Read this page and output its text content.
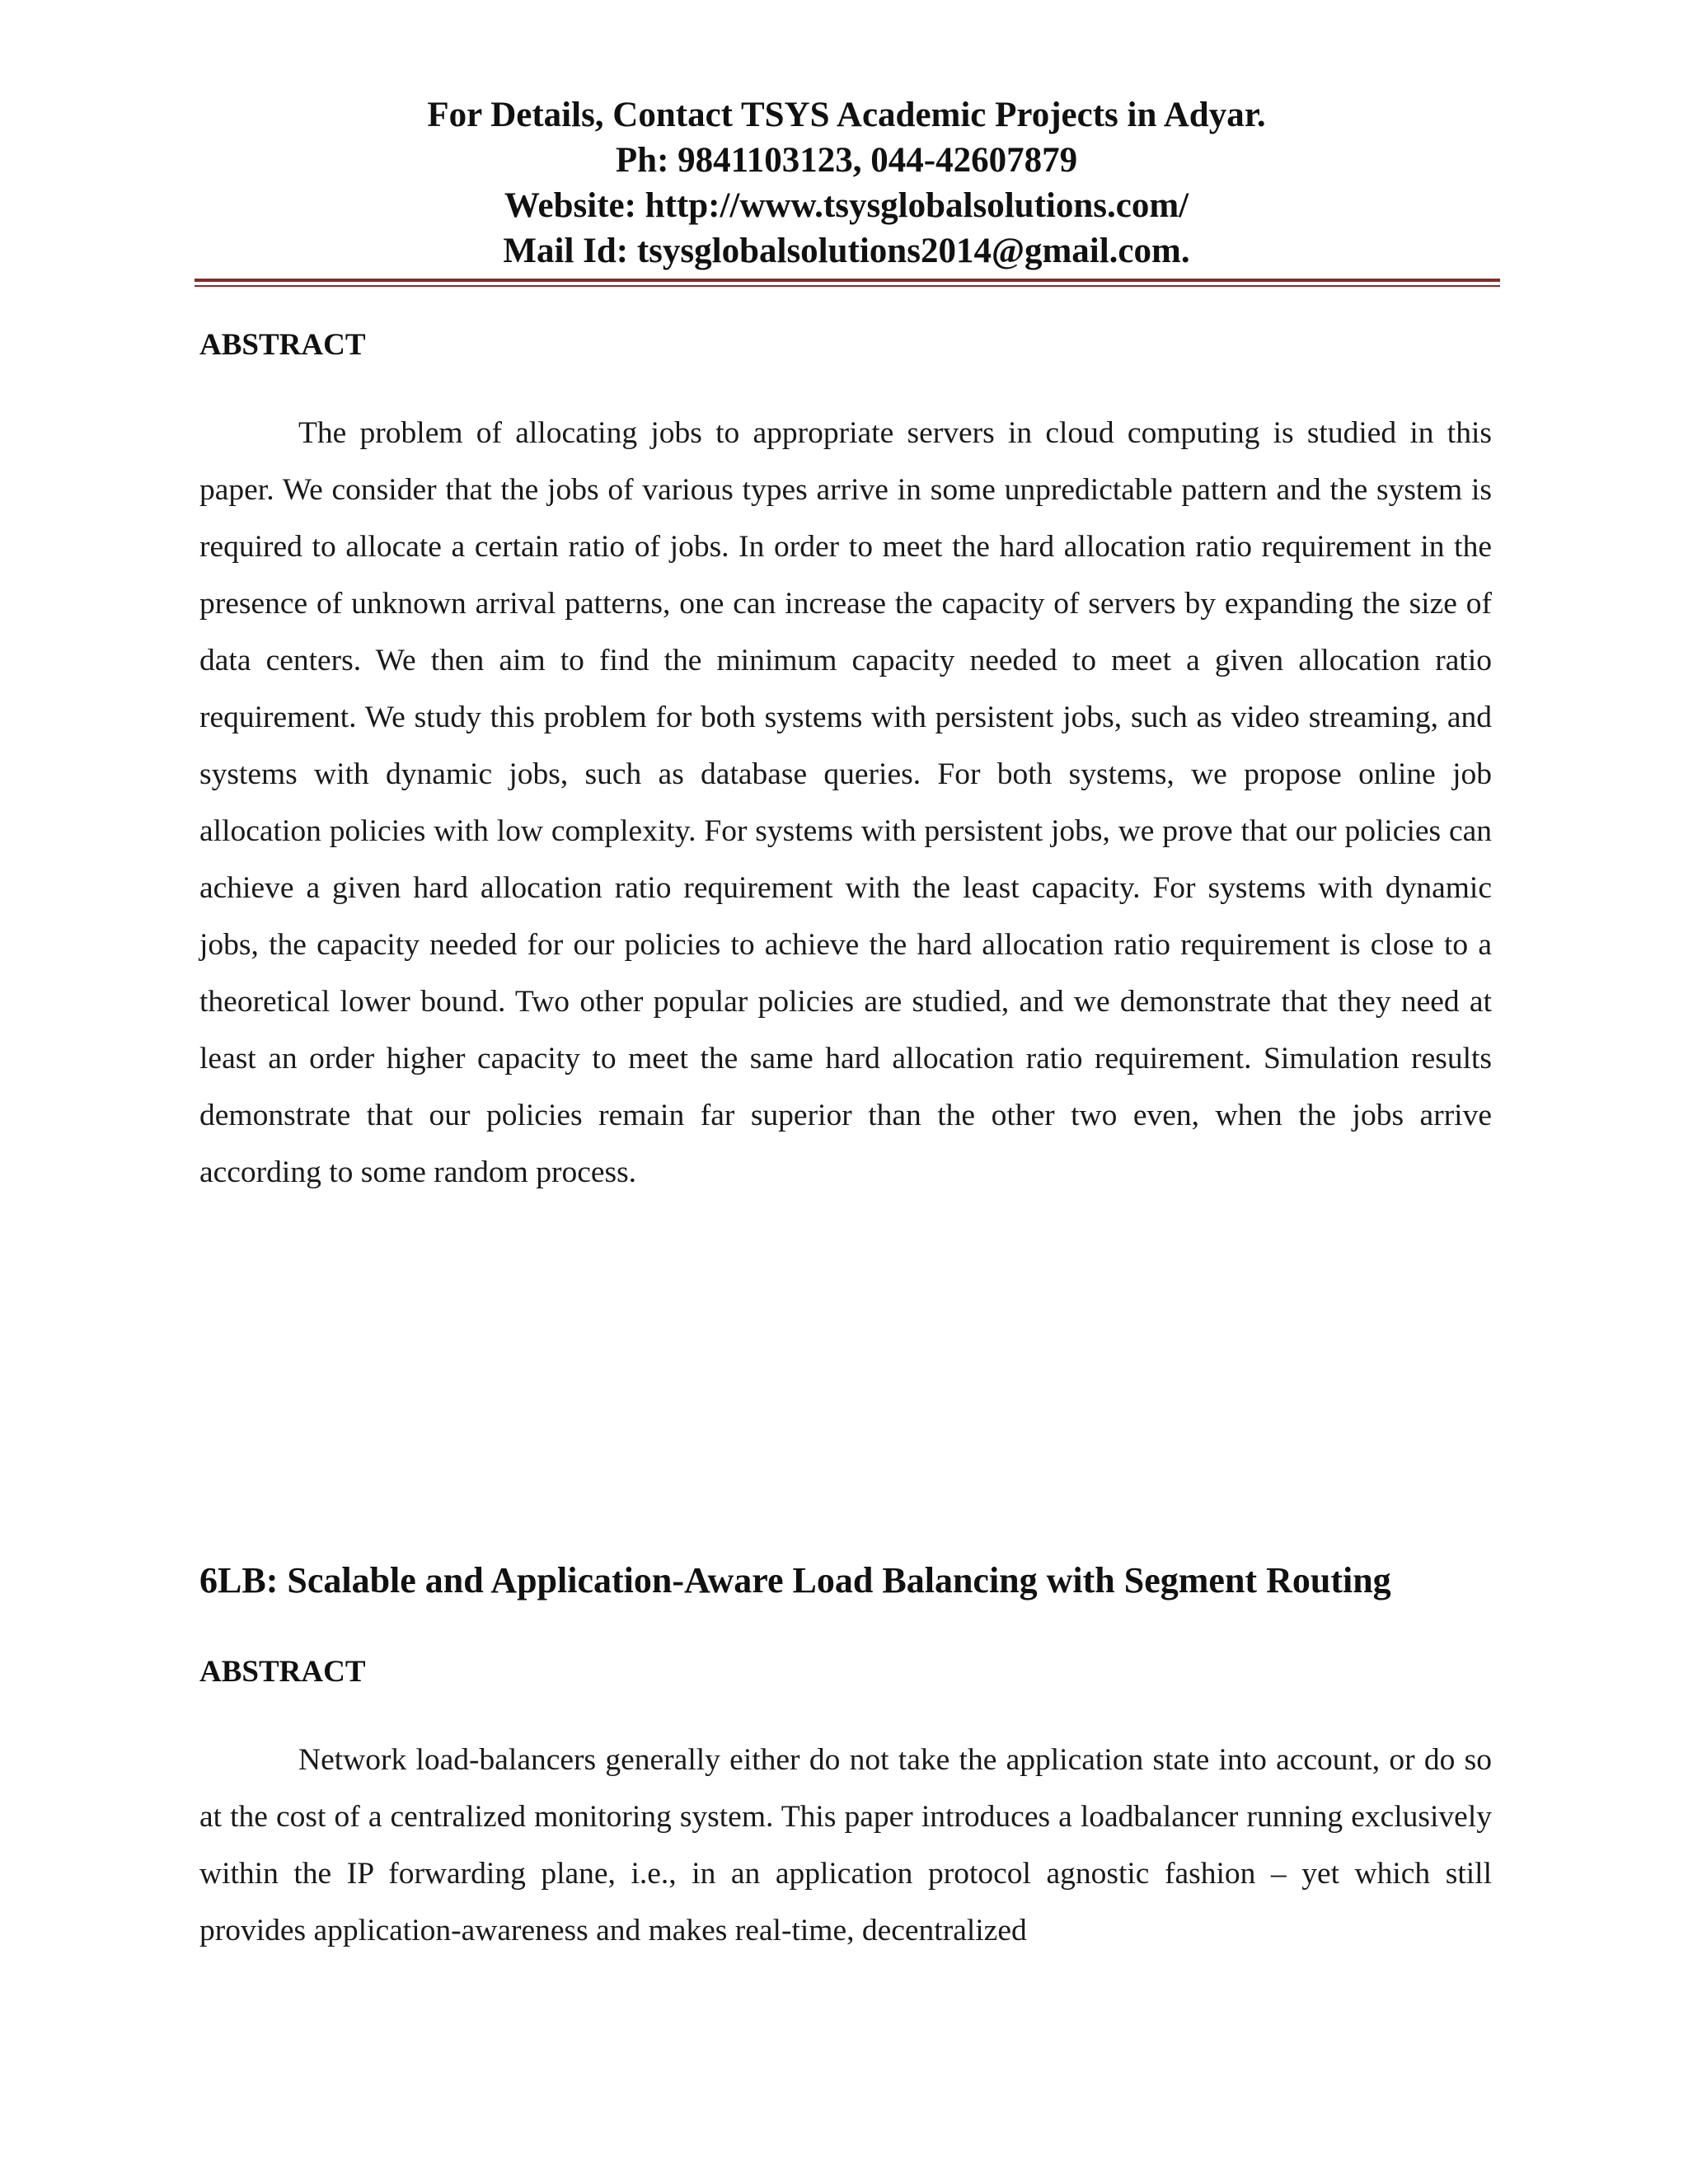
For Details, Contact TSYS Academic Projects in Adyar.
Ph: 9841103123, 044-42607879
Website: http://www.tsysglobalsolutions.com/
Mail Id: tsysglobalsolutions2014@gmail.com.
ABSTRACT

The problem of allocating jobs to appropriate servers in cloud computing is studied in this paper. We consider that the jobs of various types arrive in some unpredictable pattern and the system is required to allocate a certain ratio of jobs. In order to meet the hard allocation ratio requirement in the presence of unknown arrival patterns, one can increase the capacity of servers by expanding the size of data centers. We then aim to find the minimum capacity needed to meet a given allocation ratio requirement. We study this problem for both systems with persistent jobs, such as video streaming, and systems with dynamic jobs, such as database queries. For both systems, we propose online job allocation policies with low complexity. For systems with persistent jobs, we prove that our policies can achieve a given hard allocation ratio requirement with the least capacity. For systems with dynamic jobs, the capacity needed for our policies to achieve the hard allocation ratio requirement is close to a theoretical lower bound. Two other popular policies are studied, and we demonstrate that they need at least an order higher capacity to meet the same hard allocation ratio requirement. Simulation results demonstrate that our policies remain far superior than the other two even, when the jobs arrive according to some random process.

6LB: Scalable and Application-Aware Load Balancing with Segment Routing
ABSTRACT

Network load-balancers generally either do not take the application state into account, or do so at the cost of a centralized monitoring system. This paper introduces a loadbalancer running exclusively within the IP forwarding plane, i.e., in an application protocol agnostic fashion – yet which still provides application-awareness and makes real-time, decentralized
